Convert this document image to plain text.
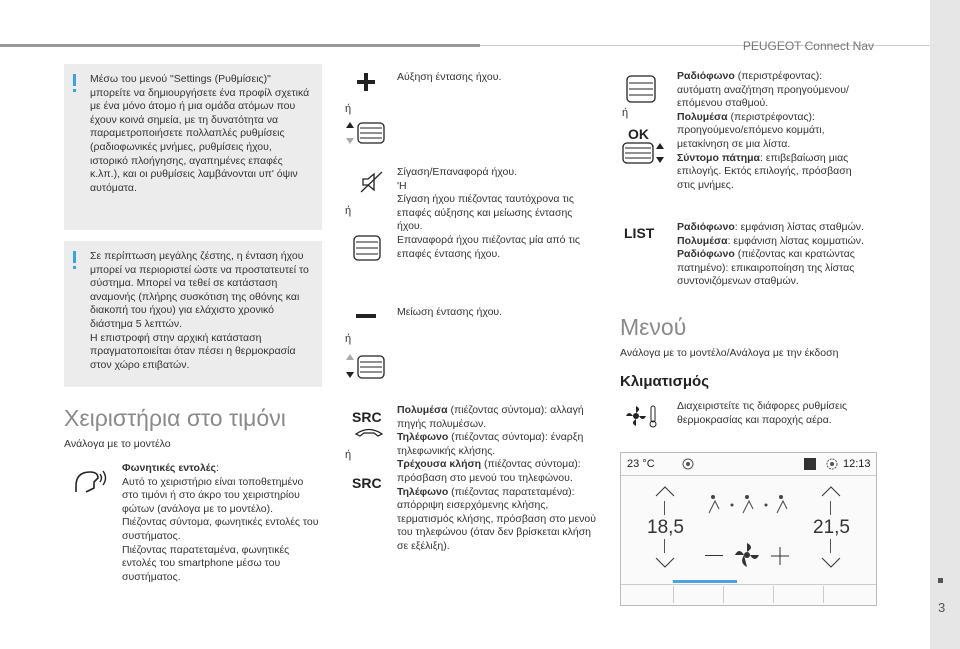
PEUGEOT Connect Nav
3
Μέσω του μενού "Settings (Ρυθμίσεις)" μπορείτε να δημιουργήσετε ένα προφίλ σχετικά με ένα μόνο άτομο ή μια ομάδα ατόμων που έχουν κοινά σημεία, με τη δυνατότητα να παραμετροποιήσετε πολλαπλές ρυθμίσεις (ραδιοφωνικές μνήμες, ρυθμίσεις ήχου, ιστορικό πλοήγησης, αγαπημένες επαφές κ.λπ.), και οι ρυθμίσεις λαμβάνονται υπ' όψιν αυτόματα.
Σε περίπτωση μεγάλης ζέστης, η ένταση ήχου μπορεί να περιοριστεί ώστε να προστατευτεί το σύστημα. Μπορεί να τεθεί σε κατάσταση αναμονής (πλήρης συσκότιση της οθόνης και διακοπή του ήχου) για ελάχιστο χρονικό διάστημα 5 λεπτών.
Η επιστροφή στην αρχική κατάσταση πραγματοποιείται όταν πέσει η θερμοκρασία στον χώρο επιβατών.
Χειριστήρια στο τιμόνι
Ανάλογα με το μοντέλο
Φωνητικές εντολές:
Αυτό το χειριστήριο είναι τοποθετημένο στο τιμόνι ή στο άκρο του χειριστηρίου φώτων (ανάλογα με το μοντέλο).
Πιέζοντας σύντομα, φωνητικές εντολές του συστήματος.
Πιέζοντας παρατεταμένα, φωνητικές εντολές του smartphone μέσω του συστήματος.
ή
Αύξηση έντασης ήχου.
ή
Σίγαση/Επαναφορά ήχου.
'Η
Σίγαση ήχου πιέζοντας ταυτόχρονα τις επαφές αύξησης και μείωσης έντασης ήχου.
Επαναφορά ήχου πιέζοντας μία από τις επαφές έντασης ήχου.
ή
Μείωση έντασης ήχου.
SRC
ή
SRC
Πολυμέσα (πιέζοντας σύντομα): αλλαγή πηγής πολυμέσων.
Τηλέφωνο (πιέζοντας σύντομα): έναρξη τηλεφωνικής κλήσης.
Τρέχουσα κλήση (πιέζοντας σύντομα): πρόσβαση στο μενού του τηλεφώνου.
Τηλέφωνο (πιέζοντας παρατεταμένα): απόρριψη εισερχόμενης κλήσης, τερματισμός κλήσης, πρόσβαση στο μενού του τηλεφώνου (όταν δεν βρίσκεται κλήση σε εξέλιξη).
ή
OK
Ραδιόφωνο (περιστρέφοντας): αυτόματη αναζήτηση προηγούμενου/επόμενου σταθμού.
Πολυμέσα (περιστρέφοντας): προηγούμενο/επόμενο κομμάτι, μετακίνηση σε μια λίστα.
Σύντομο πάτημα: επιβεβαίωση μιας επιλογής. Εκτός επιλογής, πρόσβαση στις μνήμες.
LIST Ραδιόφωνο: εμφάνιση λίστας σταθμών.
Πολυμέσα: εμφάνιση λίστας κομματιών.
Ραδιόφωνο (πιέζοντας και κρατώντας πατημένο): επικαιροποίηση της λίστας συντονιζόμενων σταθμών.
Μενού
Ανάλογα με το μοντέλο/Ανάλογα με την έκδοση
Κλιματισμός
Διαχειριστείτε τις διάφορες ρυθμίσεις θερμοκρασίας και παροχής αέρα.
23 °C	12:13
18,5	21,5
